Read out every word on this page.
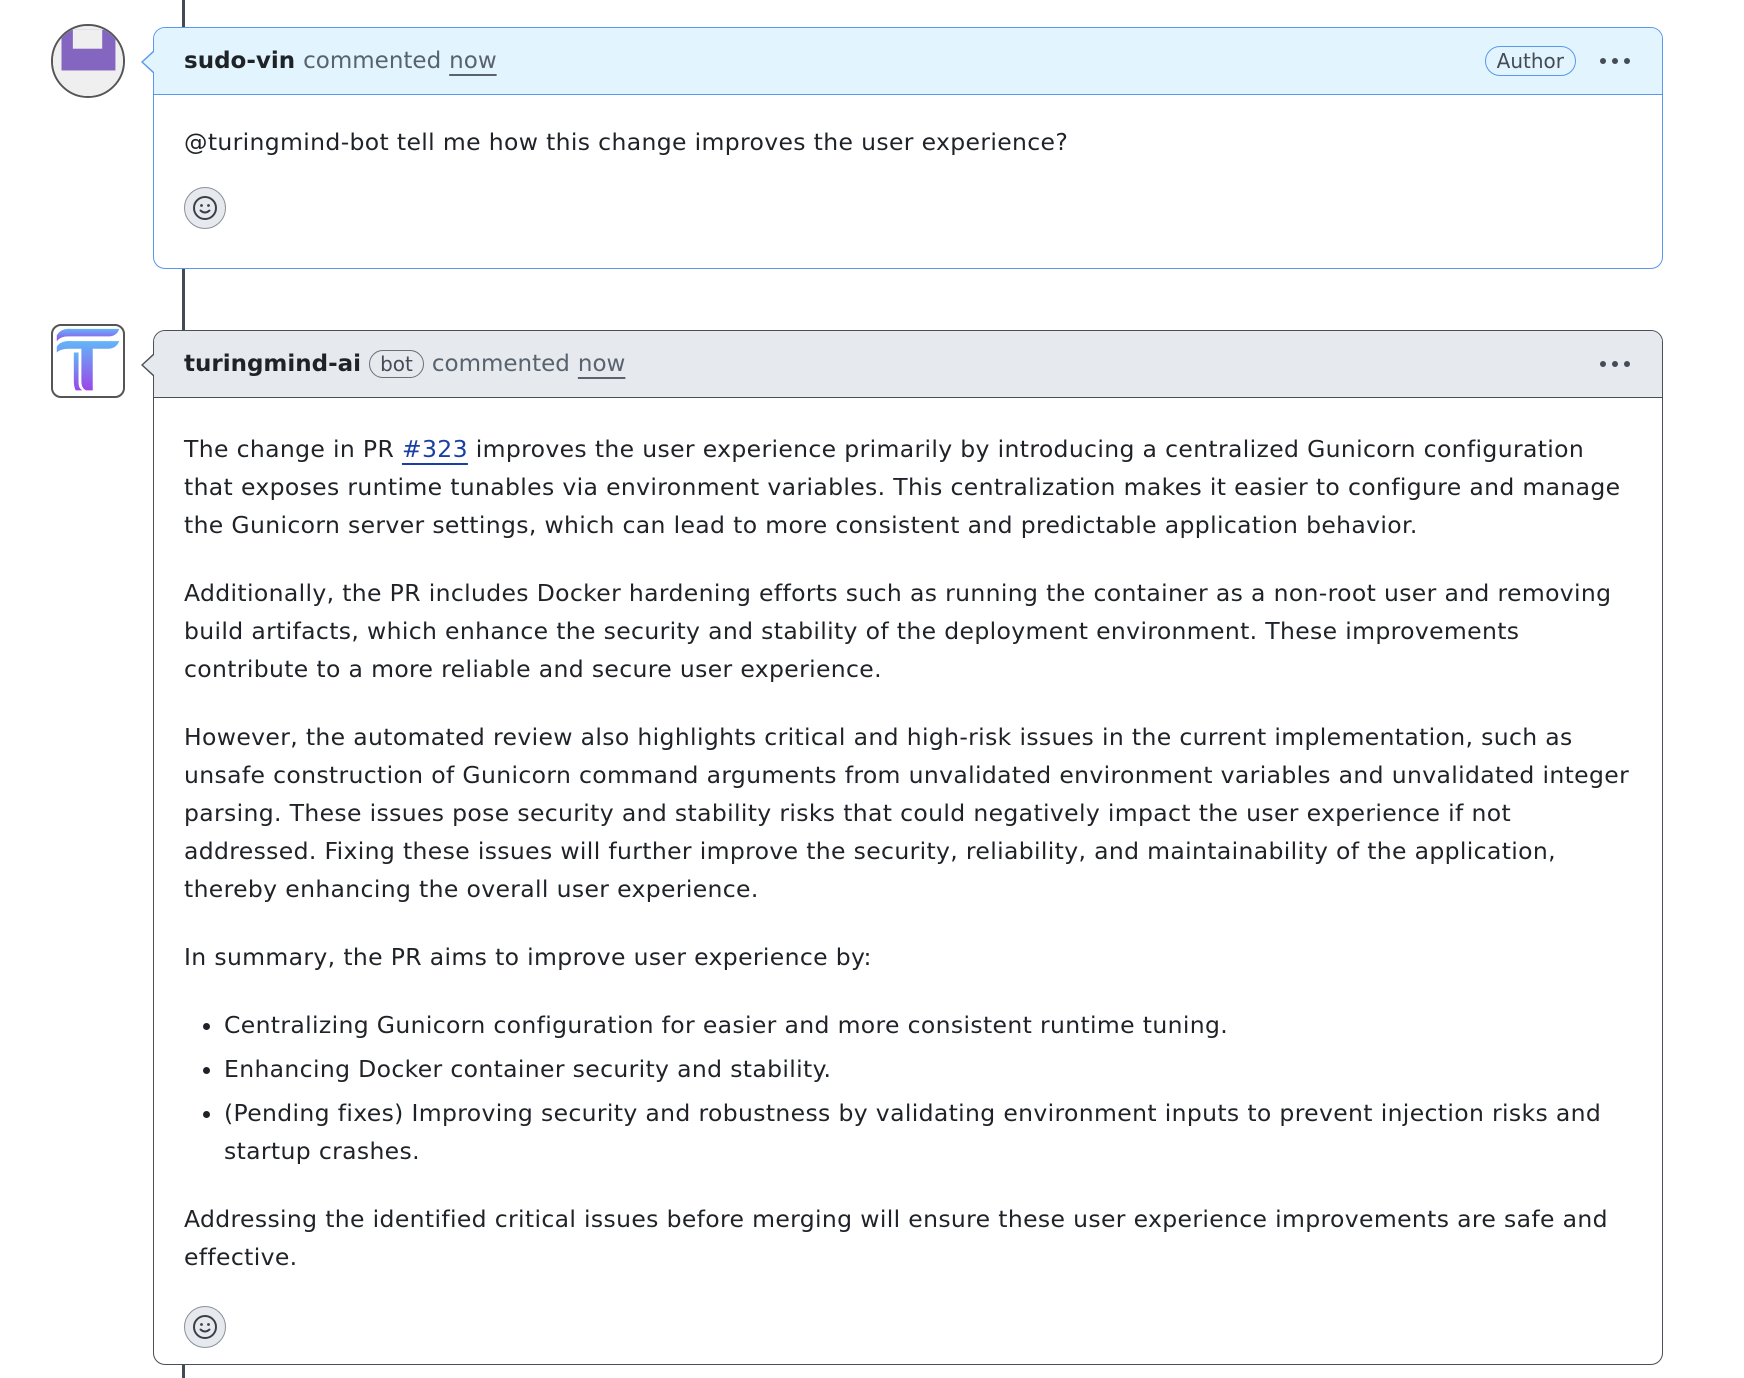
sudo-vin commented now	Author
@turingmind-bot tell me how this change improves the user experience?
turingmind-ai bot commented now

The change in PR #323 improves the user experience primarily by introducing a centralized Gunicorn configuration that exposes runtime tunables via environment variables. This centralization makes it easier to configure and manage the Gunicorn server settings, which can lead to more consistent and predictable application behavior.

Additionally, the PR includes Docker hardening efforts such as running the container as a non-root user and removing build artifacts, which enhance the security and stability of the deployment environment. These improvements contribute to a more reliable and secure user experience.

However, the automated review also highlights critical and high-risk issues in the current implementation, such as unsafe construction of Gunicorn command arguments from unvalidated environment variables and unvalidated integer parsing. These issues pose security and stability risks that could negatively impact the user experience if not addressed. Fixing these issues will further improve the security, reliability, and maintainability of the application, thereby enhancing the overall user experience.

In summary, the PR aims to improve user experience by:

• Centralizing Gunicorn configuration for easier and more consistent runtime tuning.
• Enhancing Docker container security and stability.
• (Pending fixes) Improving security and robustness by validating environment inputs to prevent injection risks and startup crashes.

Addressing the identified critical issues before merging will ensure these user experience improvements are safe and effective.
